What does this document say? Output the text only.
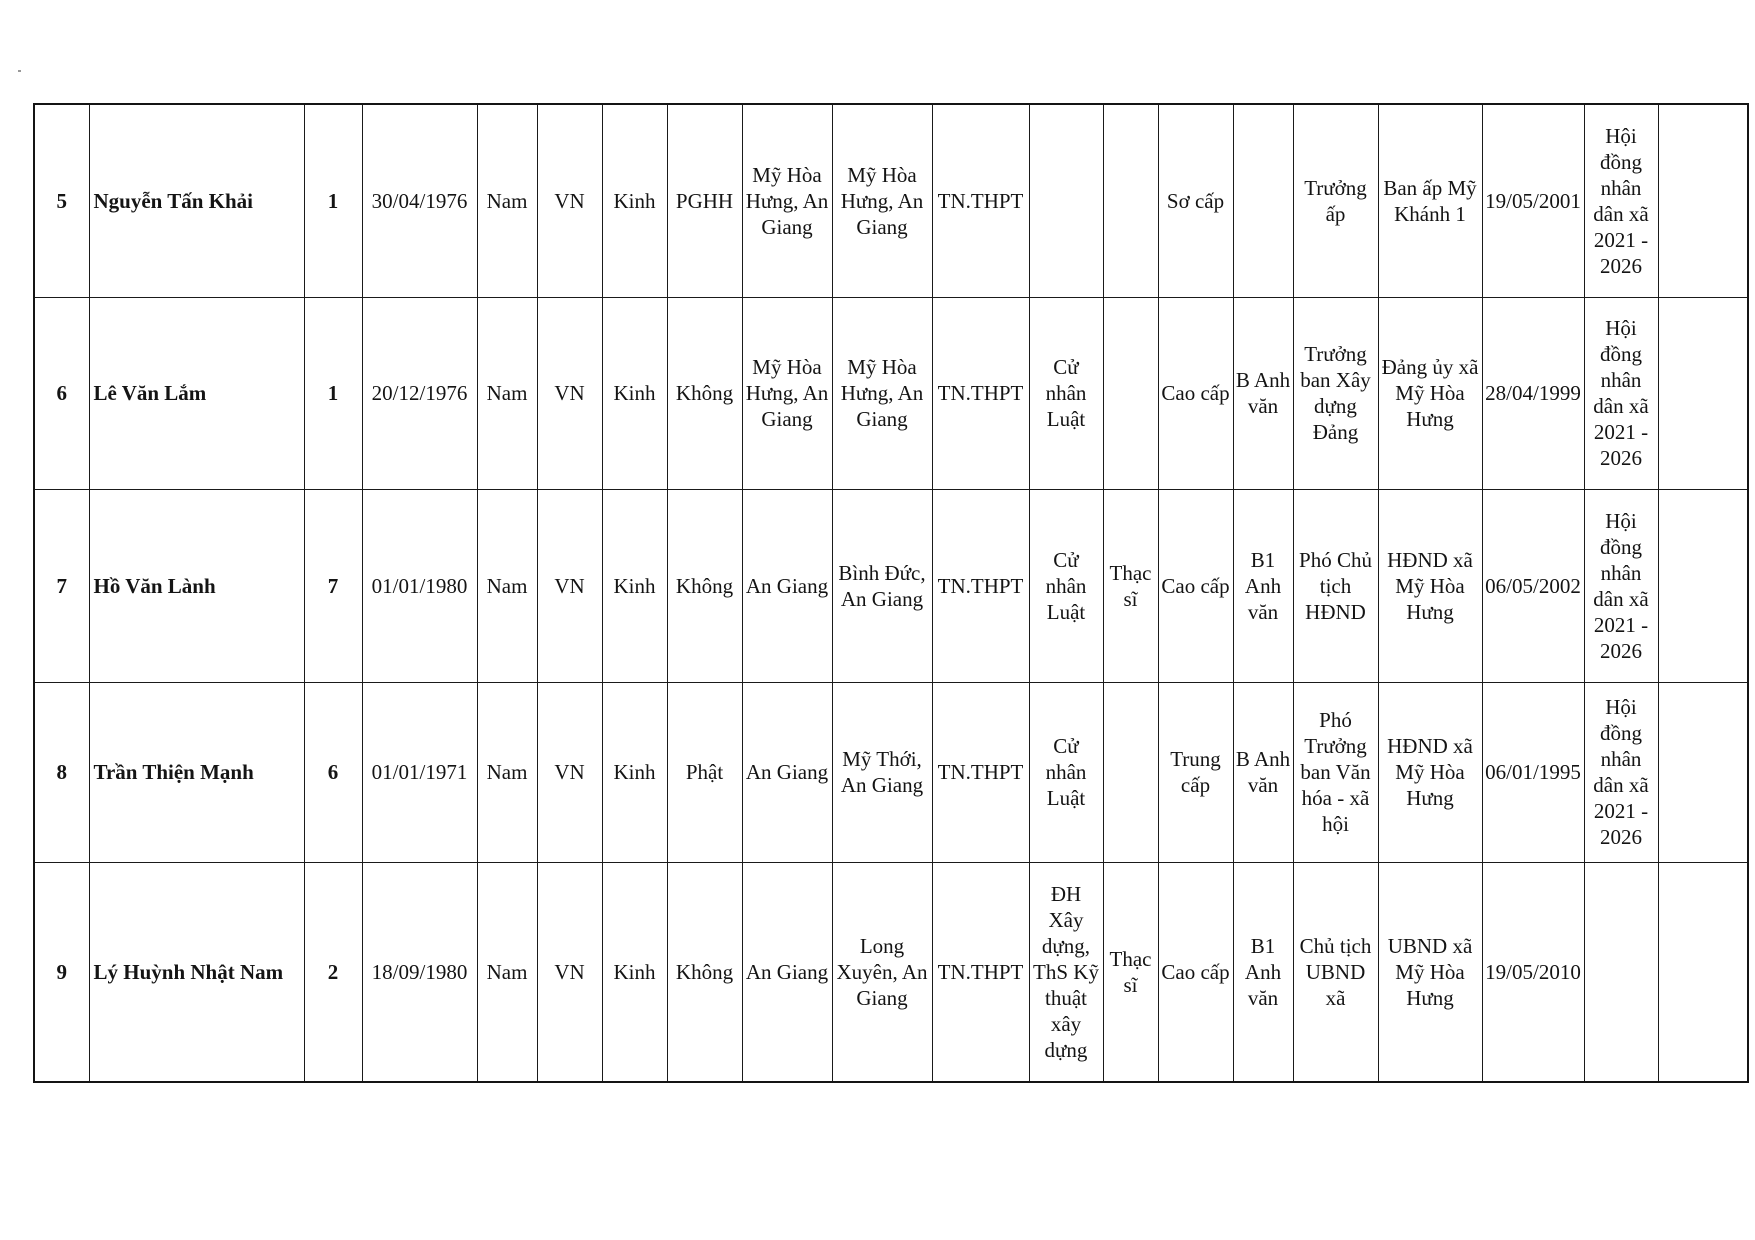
5	Nguyễn Tấn Khải	1	30/04/1976	Nam	VN	Kinh	PGHH	Mỹ Hòa Hưng, An Giang	Mỹ Hòa Hưng, An Giang	TN.THPT			Sơ cấp		Trưởng ấp	Ban ấp Mỹ Khánh 1	19/05/2001	Hội đồng nhân dân xã 2021 - 2026	
6	Lê Văn Lắm	1	20/12/1976	Nam	VN	Kinh	Không	Mỹ Hòa Hưng, An Giang	Mỹ Hòa Hưng, An Giang	TN.THPT	Cử nhân Luật		Cao cấp	B Anh văn	Trưởng ban Xây dựng Đảng	Đảng ủy xã Mỹ Hòa Hưng	28/04/1999	Hội đồng nhân dân xã 2021 - 2026	
7	Hồ Văn Lành	7	01/01/1980	Nam	VN	Kinh	Không	An Giang	Bình Đức, An Giang	TN.THPT	Cử nhân Luật	Thạc sĩ	Cao cấp	B1 Anh văn	Phó Chủ tịch HĐND	HĐND xã Mỹ Hòa Hưng	06/05/2002	Hội đồng nhân dân xã 2021 - 2026	
8	Trần Thiện Mạnh	6	01/01/1971	Nam	VN	Kinh	Phật	An Giang	Mỹ Thới, An Giang	TN.THPT	Cử nhân Luật		Trung cấp	B Anh văn	Phó Trưởng ban Văn hóa - xã hội	HĐND xã Mỹ Hòa Hưng	06/01/1995	Hội đồng nhân dân xã 2021 - 2026	
9	Lý Huỳnh Nhật Nam	2	18/09/1980	Nam	VN	Kinh	Không	An Giang	Long Xuyên, An Giang	TN.THPT	ĐH Xây dựng, ThS Kỹ thuật xây dựng	Thạc sĩ	Cao cấp	B1 Anh văn	Chủ tịch UBND xã	UBND xã Mỹ Hòa Hưng	19/05/2010		
